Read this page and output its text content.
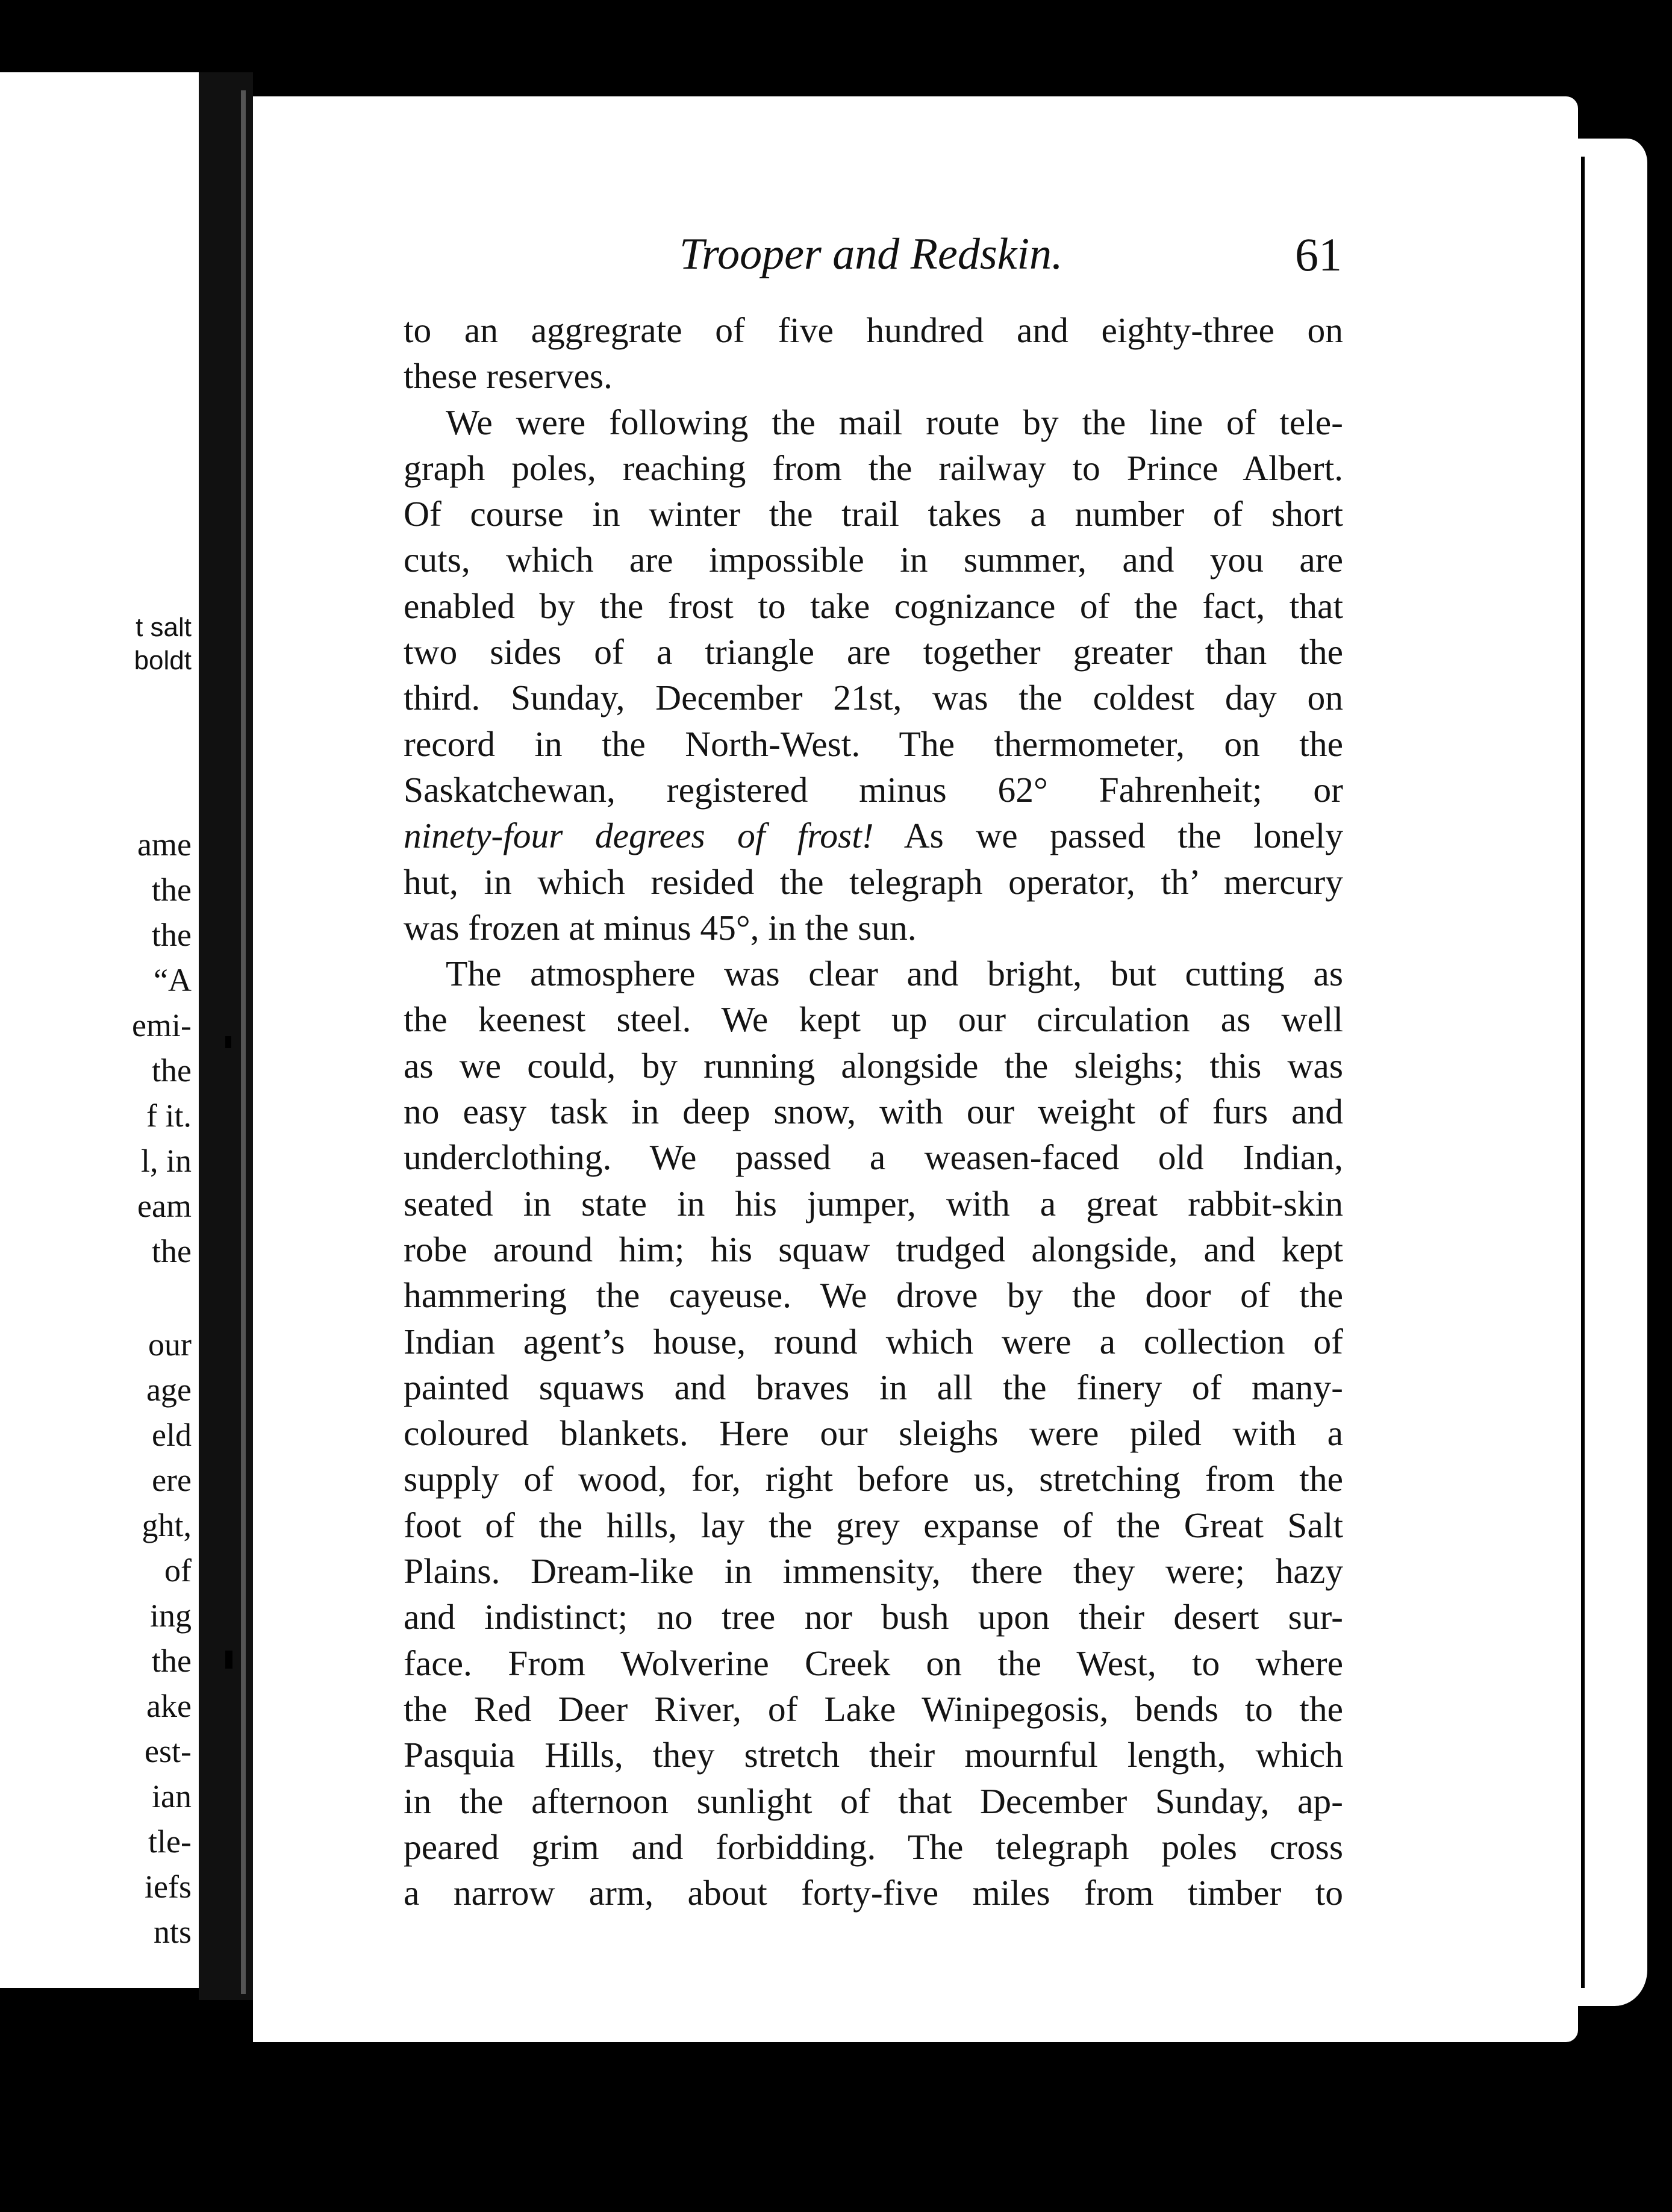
t salt
boldt
ame
the
the
“A
emi-
the
f it.
l, in
eam
the
our
age
eld
ere
ght,
of
ing
the
ake
est-
ian
tle-
iefs
nts
Trooper and Redskin.	61
to an aggregrate of five hundred and eighty-three on
these reserves.
We were following the mail route by the line of tele-
graph poles, reaching from the railway to Prince Albert.
Of course in winter the trail takes a number of short
cuts, which are impossible in summer, and you are
enabled by the frost to take cognizance of the fact, that
two sides of a triangle are together greater than the
third. Sunday, December 21st, was the coldest day on
record in the North-West. The thermometer, on the
Saskatchewan, registered minus 62° Fahrenheit; or
ninety-four degrees of frost! As we passed the lonely
hut, in which resided the telegraph operator, th’ mercury
was frozen at minus 45°, in the sun.
The atmosphere was clear and bright, but cutting as
the keenest steel. We kept up our circulation as well
as we could, by running alongside the sleighs; this was
no easy task in deep snow, with our weight of furs and
underclothing. We passed a weasen-faced old Indian,
seated in state in his jumper, with a great rabbit-skin
robe around him; his squaw trudged alongside, and kept
hammering the cayeuse. We drove by the door of the
Indian agent’s house, round which were a collection of
painted squaws and braves in all the finery of many-
coloured blankets. Here our sleighs were piled with a
supply of wood, for, right before us, stretching from the
foot of the hills, lay the grey expanse of the Great Salt
Plains. Dream-like in immensity, there they were; hazy
and indistinct; no tree nor bush upon their desert sur-
face. From Wolverine Creek on the West, to where
the Red Deer River, of Lake Winipegosis, bends to the
Pasquia Hills, they stretch their mournful length, which
in the afternoon sunlight of that December Sunday, ap-
peared grim and forbidding. The telegraph poles cross
a narrow arm, about forty-five miles from timber to
